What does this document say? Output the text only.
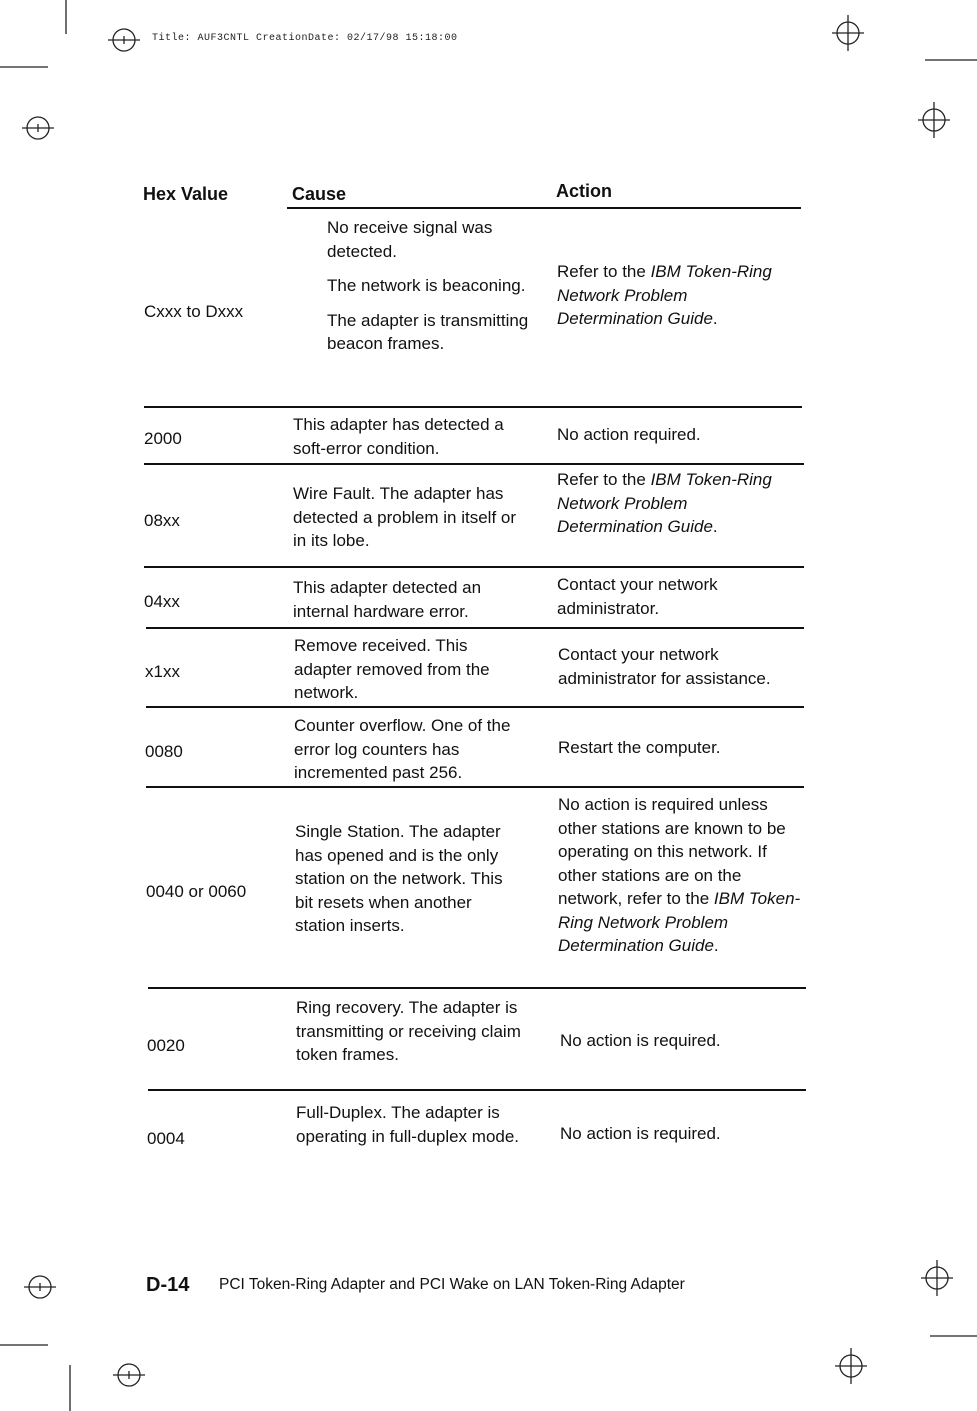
Title: AUF3CNTL CreationDate: 02/17/98 15:18:00
Hex Value	Cause	Action
Cxxx to Dxxx

No receive signal was detected.

The network is beaconing.

The adapter is transmitting beacon frames.

Refer to the IBM Token-Ring Network Problem Determination Guide.
2000
This adapter has detected a soft-error condition.
No action required.
08xx
Wire Fault. The adapter has detected a problem in itself or in its lobe.
Refer to the IBM Token-Ring Network Problem Determination Guide.
04xx
This adapter detected an internal hardware error.
Contact your network administrator.
x1xx
Remove received. This adapter removed from the network.
Contact your network administrator for assistance.
0080
Counter overflow. One of the error log counters has incremented past 256.
Restart the computer.
0040 or 0060
Single Station. The adapter has opened and is the only station on the network. This bit resets when another station inserts.
No action is required unless other stations are known to be operating on this network. If other stations are on the network, refer to the IBM Token-Ring Network Problem Determination Guide.
0020
Ring recovery. The adapter is transmitting or receiving claim token frames.
No action is required.
0004
Full-Duplex. The adapter is operating in full-duplex mode. No action is required.
D-14 PCI Token-Ring Adapter and PCI Wake on LAN Token-Ring Adapter
